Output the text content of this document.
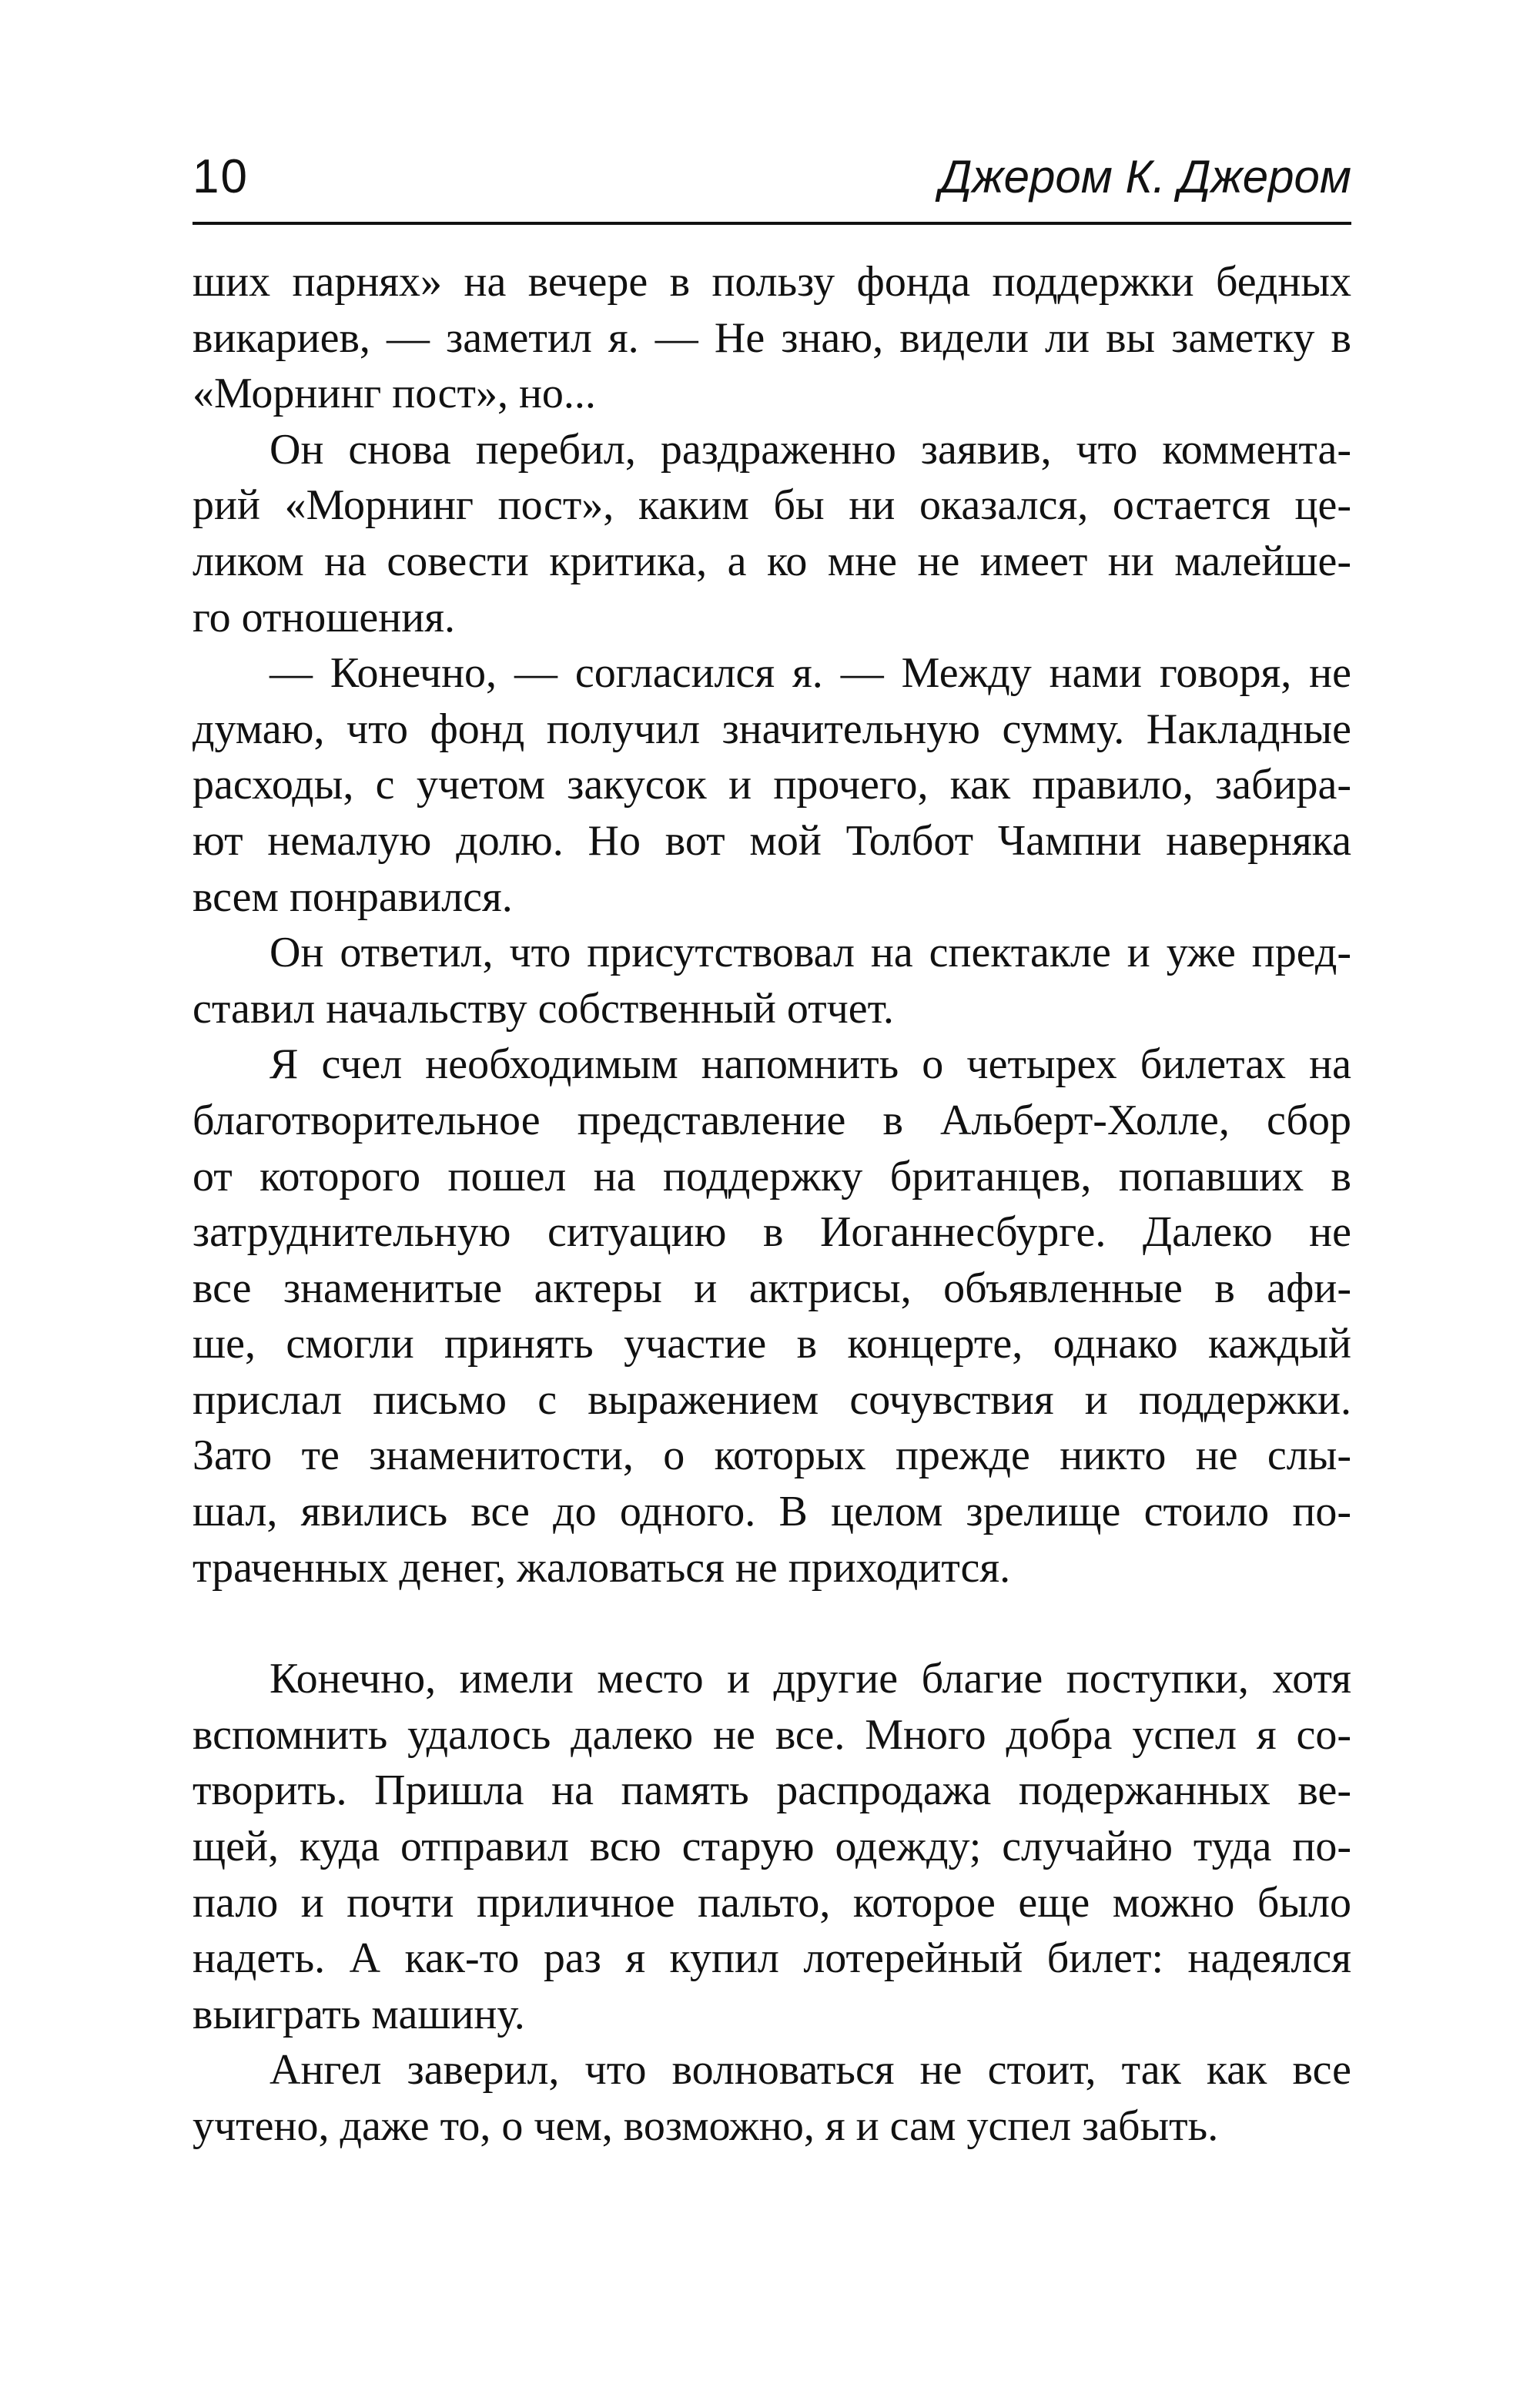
10	Джером К. Джером
ших парнях» на вечере в пользу фонда поддержки бедных
викариев, — заметил я. — Не знаю, видели ли вы заметку в
«Морнинг пост», но...
Он снова перебил, раздраженно заявив, что коммента-
рий «Морнинг пост», каким бы ни оказался, остается це-
ликом на совести критика, а ко мне не имеет ни малейше-
го отношения.
— Конечно, — согласился я. — Между нами говоря, не
думаю, что фонд получил значительную сумму. Накладные
расходы, с учетом закусок и прочего, как правило, забира-
ют немалую долю. Но вот мой Толбот Чампни наверняка
всем понравился.
Он ответил, что присутствовал на спектакле и уже пред-
ставил начальству собственный отчет.
Я счел необходимым напомнить о четырех билетах на
благотворительное представление в Альберт-Холле, сбор
от которого пошел на поддержку британцев, попавших в
затруднительную ситуацию в Иоганнесбурге. Далеко не
все знаменитые актеры и актрисы, объявленные в афи-
ше, смогли принять участие в концерте, однако каждый
прислал письмо с выражением сочувствия и поддержки.
Зато те знаменитости, о которых прежде никто не слы-
шал, явились все до одного. В целом зрелище стоило по-
траченных денег, жаловаться не приходится.
Конечно, имели место и другие благие поступки, хотя
вспомнить удалось далеко не все. Много добра успел я со-
творить. Пришла на память распродажа подержанных ве-
щей, куда отправил всю старую одежду; случайно туда по-
пало и почти приличное пальто, которое еще можно было
надеть. А как-то раз я купил лотерейный билет: надеялся
выиграть машину.
Ангел заверил, что волноваться не стоит, так как все
учтено, даже то, о чем, возможно, я и сам успел забыть.
